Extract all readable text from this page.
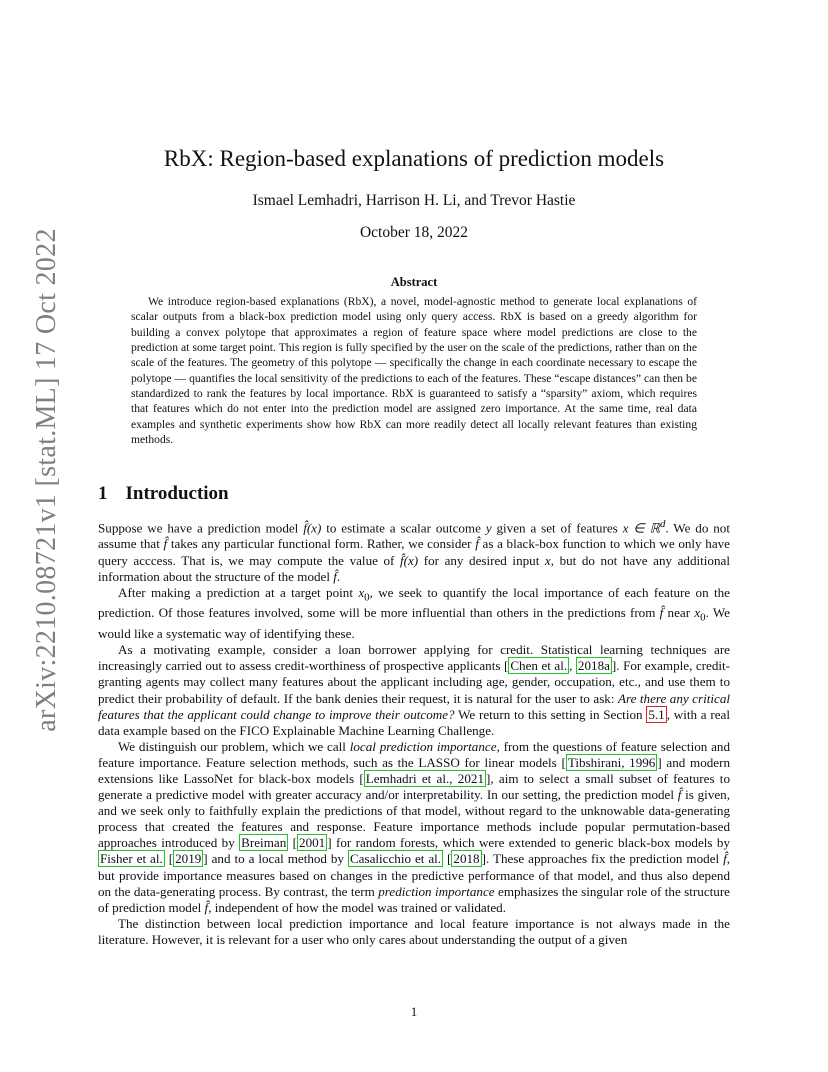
arXiv:2210.08721v1 [stat.ML] 17 Oct 2022
RbX: Region-based explanations of prediction models
Ismael Lemhadri, Harrison H. Li, and Trevor Hastie
October 18, 2022
Abstract

We introduce region-based explanations (RbX), a novel, model-agnostic method to generate local explanations of scalar outputs from a black-box prediction model using only query access. RbX is based on a greedy algorithm for building a convex polytope that approximates a region of feature space where model predictions are close to the prediction at some target point. This region is fully specified by the user on the scale of the predictions, rather than on the scale of the features. The geometry of this polytope — specifically the change in each coordinate necessary to escape the polytope — quantifies the local sensitivity of the predictions to each of the features. These “escape distances” can then be standardized to rank the features by local importance. RbX is guaranteed to satisfy a “sparsity” axiom, which requires that features which do not enter into the prediction model are assigned zero importance. At the same time, real data examples and synthetic experiments show how RbX can more readily detect all locally relevant features than existing methods.

1 Introduction

Suppose we have a prediction model f̂(x) to estimate a scalar outcome y given a set of features x ∈ ℝ$^d$. We do not assume that f̂ takes any particular functional form. Rather, we consider f̂ as a black-box function to which we only have query acccess. That is, we may compute the value of f̂(x) for any desired input x, but do not have any additional information about the structure of the model f̂.

After making a prediction at a target point $x_0$, we seek to quantify the local importance of each feature on the prediction. Of those features involved, some will be more influential than others in the predictions from f̂ near $x_0$. We would like a systematic way of identifying these.

As a motivating example, consider a loan borrower applying for credit. Statistical learning techniques are increasingly carried out to assess credit-worthiness of prospective applicants [ Chen et al. , 2018a ]. For example, credit-granting agents may collect many features about the applicant including age, gender, occupation, etc., and use them to predict their probability of default. If the bank denies their request, it is natural for the user to ask: Are there any critical features that the applicant could change to improve their outcome? We return to this setting in Section 5.1 , with a real data example based on the FICO Explainable Machine Learning Challenge.

We distinguish our problem, which we call local prediction importance, from the questions of feature selection and feature importance. Feature selection methods, such as the LASSO for linear models [ Tibshirani, 1996 ] and modern extensions like LassoNet for black-box models [ Lemhadri et al., 2021 ], aim to select a small subset of features to generate a predictive model with greater accuracy and/or interpretability. In our setting, the prediction model f̂ is given, and we seek only to faithfully explain the predictions of that model, without regard to the unknowable data-generating process that created the features and response. Feature importance methods include popular permutation-based approaches introduced by Breiman [ 2001 ] for random forests, which were extended to generic black-box models by Fisher et al. [ 2019 ] and to a local method by Casalicchio et al. [ 2018 ]. These approaches fix the prediction model f̂, but provide importance measures based on changes in the predictive performance of that model, and thus also depend on the data-generating process. By contrast, the term prediction importance emphasizes the singular role of the structure of prediction model f̂, independent of how the model was trained or validated.

The distinction between local prediction importance and local feature importance is not always made in the literature. However, it is relevant for a user who only cares about understanding the output of a given

1
